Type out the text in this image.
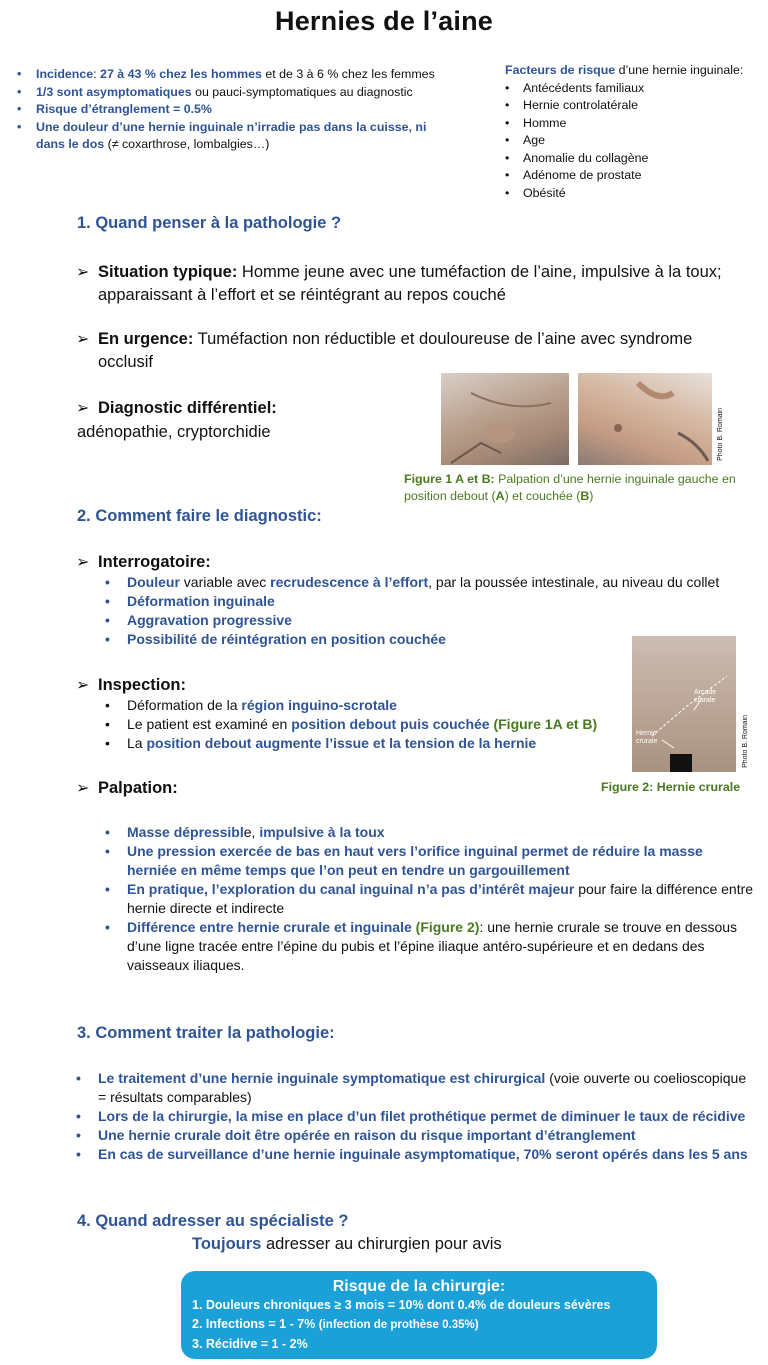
Hernies de l’aine
• Incidence: 27 à 43 % chez les hommes et de 3 à 6 % chez les femmes
• 1/3 sont asymptomatiques ou pauci-symptomatiques au diagnostic
• Risque d’étranglement = 0.5%
• Une douleur d’une hernie inguinale n’irradie pas dans la cuisse, ni dans le dos (≠ coxarthrose, lombalgies…)
Facteurs de risque d’une hernie inguinale:
• Antécédents familiaux
• Hernie controlatérale
• Homme
• Age
• Anomalie du collagène
• Adénome de prostate
• Obésité
1. Quand penser à la pathologie ?
➢ Situation typique: Homme jeune avec une tuméfaction de l’aine, impulsive à la toux; apparaissant à l’effort et se réintégrant au repos couché
➢ En urgence: Tuméfaction non réductible et douloureuse de l’aine avec syndrome occlusif
➢ Diagnostic différentiel:
adénopathie, cryptorchidie	Photo B. Romain
Figure 1 A et B: Palpation d’une hernie inguinale gauche en position debout (A) et couchée (B)
2. Comment faire le diagnostic:
➢ Interrogatoire:
• Douleur variable avec recrudescence à l’effort, par la poussée intestinale, au niveau du collet
• Déformation inguinale
• Aggravation progressive
• Possibilité de réintégration en position couchée
➢ Inspection:
• Déformation de la région inguino-scrotale
• Le patient est examiné en position debout puis couchée (Figure 1A et B)
• La position debout augmente l’issue et la tension de la hernie
➢ Palpation:
Arcade crurale
Hernie crurale	Photo B. Romain
Figure 2: Hernie crurale
• Masse dépressible, impulsive à la toux
• Une pression exercée de bas en haut vers l’orifice inguinal permet de réduire la masse herniée en même temps que l’on peut en tendre un gargouillement
• En pratique, l’exploration du canal inguinal n’a pas d’intérêt majeur pour faire la différence entre hernie directe et indirecte
• Différence entre hernie crurale et inguinale (Figure 2): une hernie crurale se trouve en dessous d’une ligne tracée entre l’épine du pubis et l’épine iliaque antéro-supérieure et en dedans des vaisseaux iliaques.
3. Comment traiter la pathologie:
• Le traitement d’une hernie inguinale symptomatique est chirurgical (voie ouverte ou coelioscopique = résultats comparables)
• Lors de la chirurgie, la mise en place d’un filet prothétique permet de diminuer le taux de récidive
• Une hernie crurale doit être opérée en raison du risque important d’étranglement
• En cas de surveillance d’une hernie inguinale asymptomatique, 70% seront opérés dans les 5 ans
4. Quand adresser au spécialiste ?
Toujours adresser au chirurgien pour avis
Risque de la chirurgie:
1. Douleurs chroniques ≥ 3 mois = 10% dont 0.4% de douleurs sévères
2. Infections = 1 - 7% (infection de prothèse 0.35%)
3. Récidive = 1 - 2%
